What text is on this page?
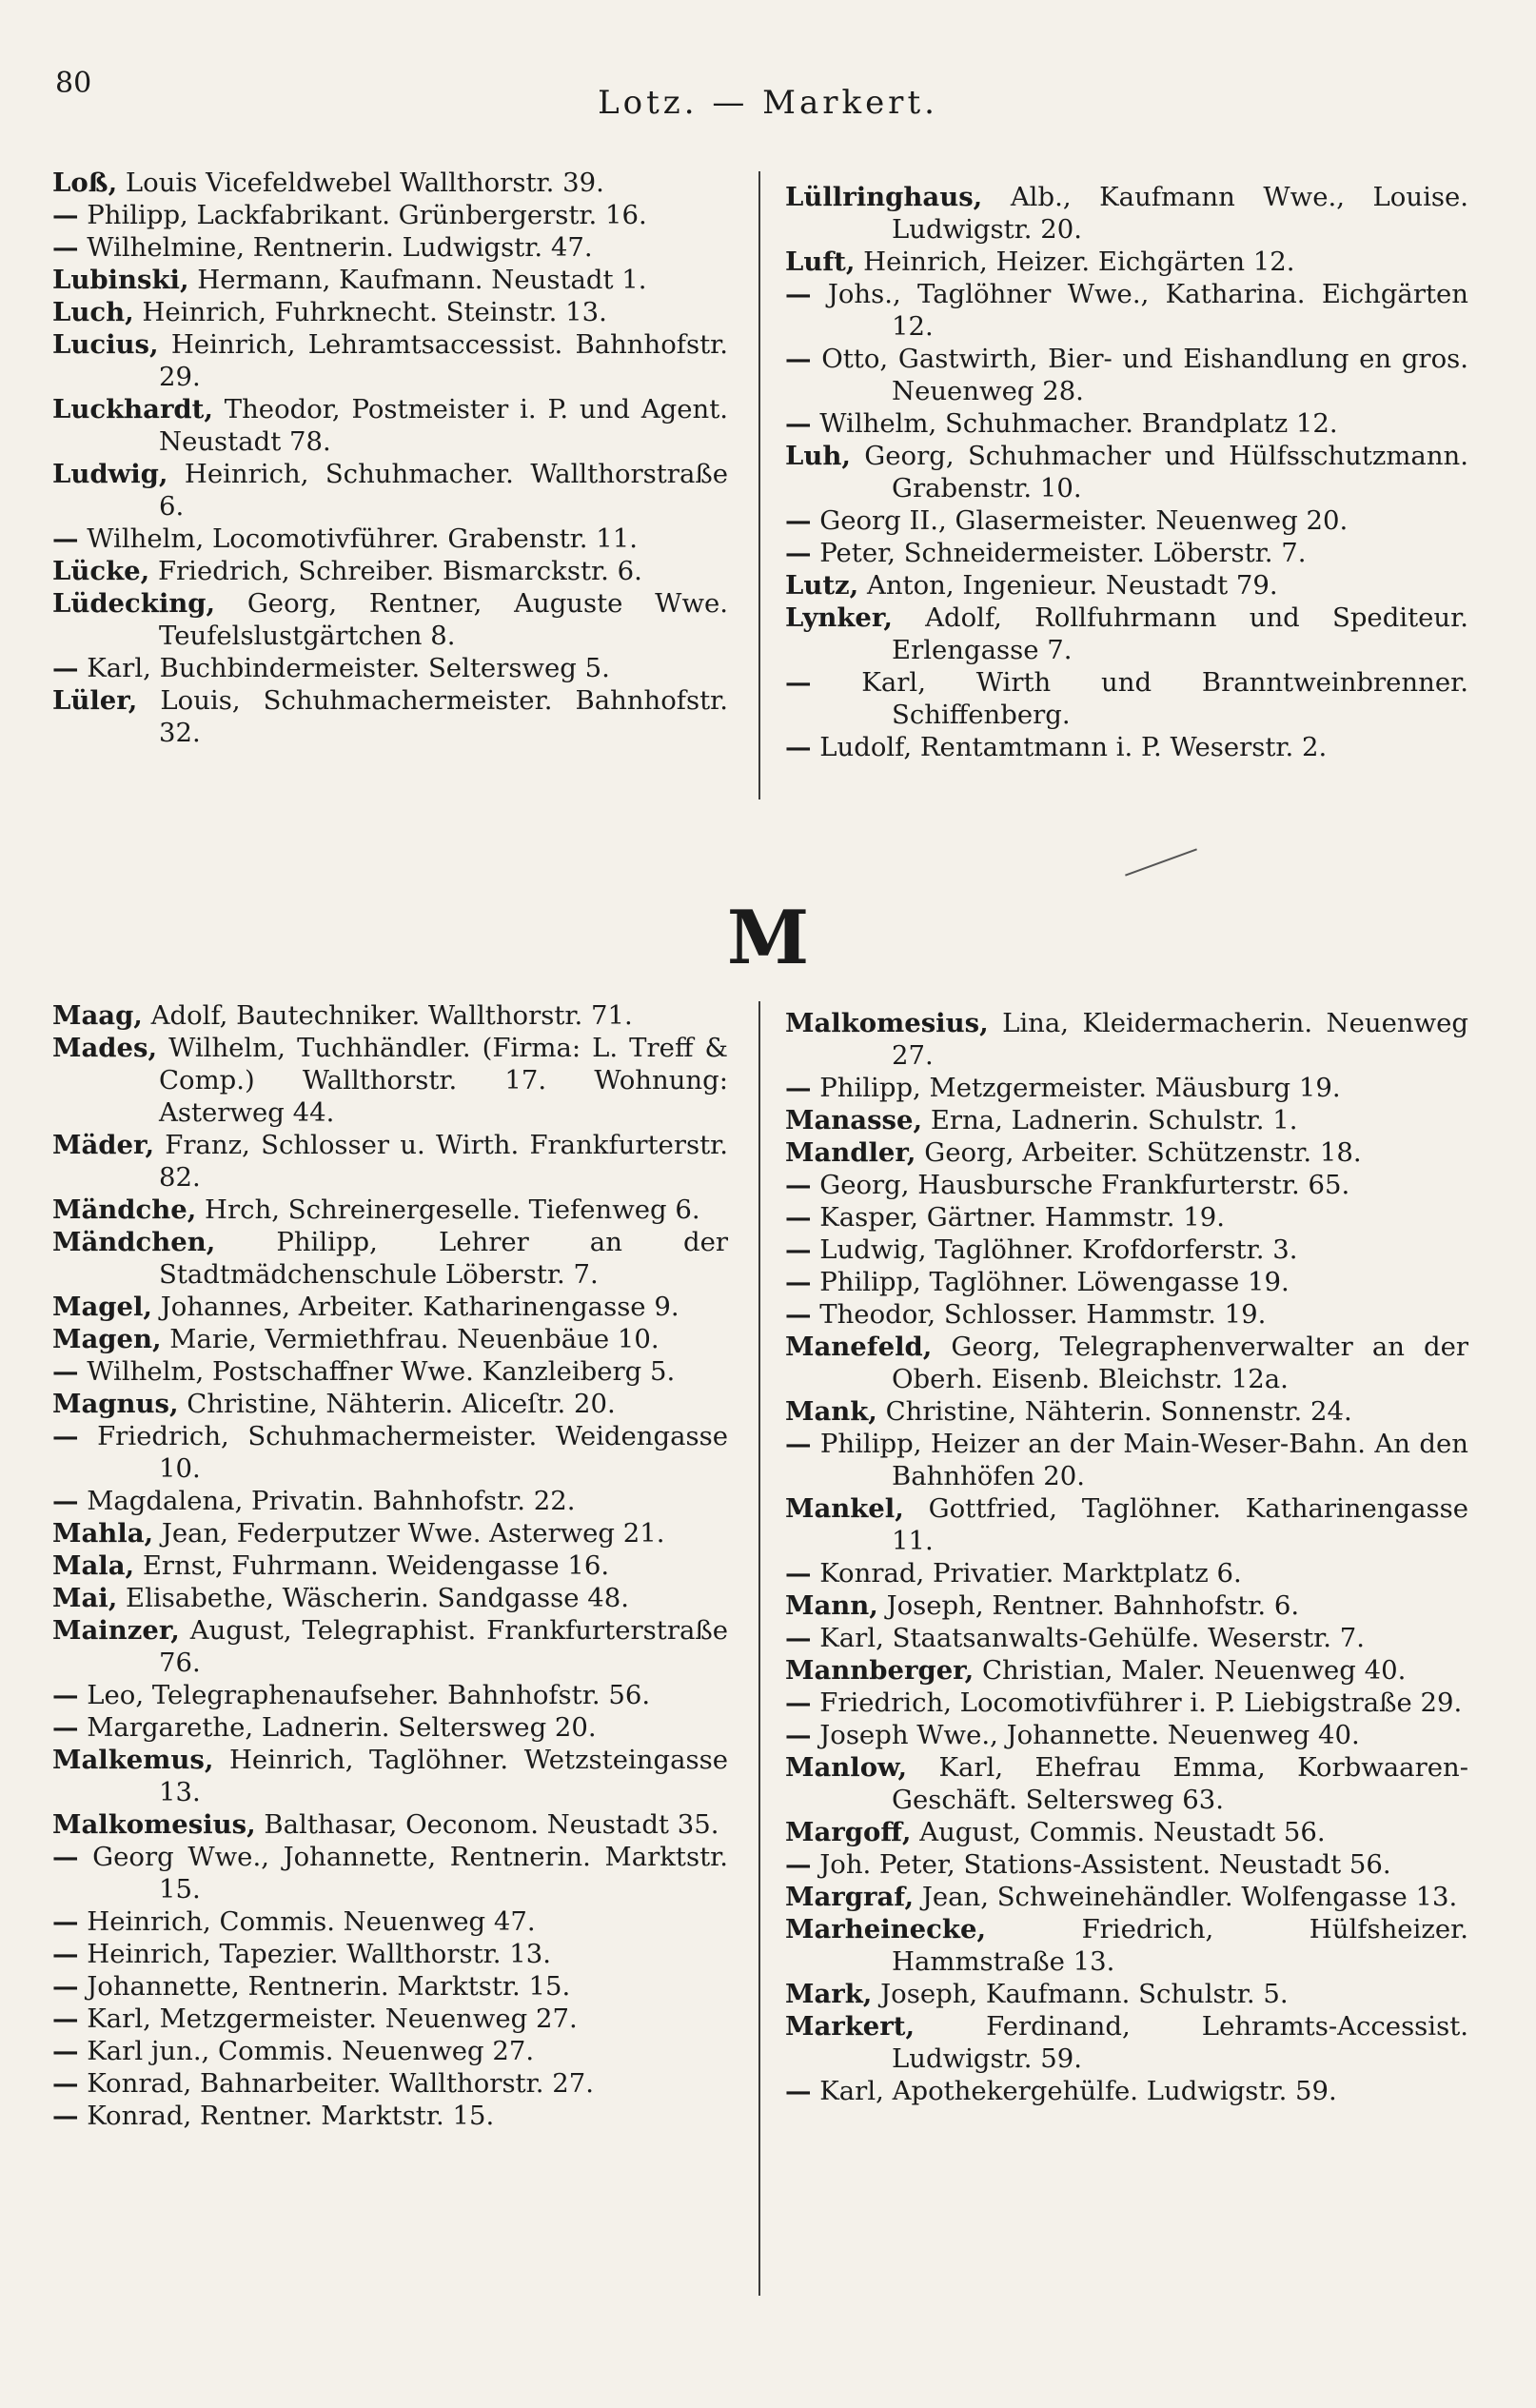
80
Lotz. — Markert.
Loß, Louis Vicefeldwebel Wallthorstr. 39.
— Philipp, Lackfabrikant. Grünbergerstr. 16.
— Wilhelmine, Rentnerin. Ludwigstr. 47.
Lubinski, Hermann, Kaufmann. Neustadt 1.
Luch, Heinrich, Fuhrknecht. Steinstr. 13.
Lucius, Heinrich, Lehramtsaccessist. Bahnhofstr. 29.
Luckhardt, Theodor, Postmeister i. P. und Agent. Neustadt 78.
Ludwig, Heinrich, Schuhmacher. Wallthorstraße 6.
— Wilhelm, Locomotivführer. Grabenstr. 11.
Lücke, Friedrich, Schreiber. Bismarckstr. 6.
Lüdecking, Georg, Rentner, Auguste Wwe. Teufelslustgärtchen 8.
— Karl, Buchbindermeister. Seltersweg 5.
Lüler, Louis, Schuhmachermeister. Bahnhofstr. 32.
Lüllringhaus, Alb., Kaufmann Wwe., Louise. Ludwigstr. 20.
Luft, Heinrich, Heizer. Eichgärten 12.
— Johs., Taglöhner Wwe., Katharina. Eichgärten 12.
— Otto, Gastwirth, Bier- und Eishandlung en gros. Neuenweg 28.
— Wilhelm, Schuhmacher. Brandplatz 12.
Luh, Georg, Schuhmacher und Hülfsschutzmann. Grabenstr. 10.
— Georg II., Glasermeister. Neuenweg 20.
— Peter, Schneidermeister. Löberstr. 7.
Lutz, Anton, Ingenieur. Neustadt 79.
Lynker, Adolf, Rollfuhrmann und Spediteur. Erlengasse 7.
— Karl, Wirth und Branntweinbrenner. Schiffenberg.
— Ludolf, Rentamtmann i. P. Weserstr. 2.
M
Maag, Adolf, Bautechniker. Wallthorstr. 71.
Mades, Wilhelm, Tuchhändler. (Firma: L. Treff & Comp.) Wallthorstr. 17. Wohnung: Asterweg 44.
Mäder, Franz, Schlosser u. Wirth. Frankfurterstr. 82.
Mändche, Hrch, Schreinergeselle. Tiefenweg 6.
Mändchen, Philipp, Lehrer an der Stadtmädchenschule Löberstr. 7.
Magel, Johannes, Arbeiter. Katharinengasse 9.
Magen, Marie, Vermiethfrau. Neuenbäue 10.
— Wilhelm, Postschaffner Wwe. Kanzleiberg 5.
Magnus, Christine, Nähterin. Aliceſtr. 20.
— Friedrich, Schuhmachermeister. Weidengasse 10.
— Magdalena, Privatin. Bahnhofstr. 22.
Mahla, Jean, Federputzer Wwe. Asterweg 21.
Mala, Ernst, Fuhrmann. Weidengasse 16.
Mai, Elisabethe, Wäscherin. Sandgasse 48.
Mainzer, August, Telegraphist. Frankfurterstraße 76.
— Leo, Telegraphenaufseher. Bahnhofstr. 56.
— Margarethe, Ladnerin. Seltersweg 20.
Malkemus, Heinrich, Taglöhner. Wetzsteingasse 13.
Malkomesius, Balthasar, Oeconom. Neustadt 35.
— Georg Wwe., Johannette, Rentnerin. Marktstr. 15.
— Heinrich, Commis. Neuenweg 47.
— Heinrich, Tapezier. Wallthorstr. 13.
— Johannette, Rentnerin. Marktstr. 15.
— Karl, Metzgermeister. Neuenweg 27.
— Karl jun., Commis. Neuenweg 27.
— Konrad, Bahnarbeiter. Wallthorstr. 27.
— Konrad, Rentner. Marktstr. 15.
Malkomesius, Lina, Kleidermacherin. Neuenweg 27.
— Philipp, Metzgermeister. Mäusburg 19.
Manasse, Erna, Ladnerin. Schulstr. 1.
Mandler, Georg, Arbeiter. Schützenstr. 18.
— Georg, Hausbursche Frankfurterstr. 65.
— Kasper, Gärtner. Hammstr. 19.
— Ludwig, Taglöhner. Krofdorferstr. 3.
— Philipp, Taglöhner. Löwengasse 19.
— Theodor, Schlosser. Hammstr. 19.
Manefeld, Georg, Telegraphenverwalter an der Oberh. Eisenb. Bleichstr. 12a.
Mank, Christine, Nähterin. Sonnenstr. 24.
— Philipp, Heizer an der Main-Weser-Bahn. An den Bahnhöfen 20.
Mankel, Gottfried, Taglöhner. Katharinengasse 11.
— Konrad, Privatier. Marktplatz 6.
Mann, Joseph, Rentner. Bahnhofstr. 6.
— Karl, Staatsanwalts-Gehülfe. Weserstr. 7.
Mannberger, Christian, Maler. Neuenweg 40.
— Friedrich, Locomotivführer i. P. Liebigstraße 29.
— Joseph Wwe., Johannette. Neuenweg 40.
Manlow, Karl, Ehefrau Emma, Korbwaaren-Geschäft. Seltersweg 63.
Margoff, August, Commis. Neustadt 56.
— Joh. Peter, Stations-Assistent. Neustadt 56.
Margraf, Jean, Schweinehändler. Wolfengasse 13.
Marheinecke, Friedrich, Hülfsheizer. Hammstraße 13.
Mark, Joseph, Kaufmann. Schulstr. 5.
Markert, Ferdinand, Lehramts-Accessist. Ludwigstr. 59.
— Karl, Apothekergehülfe. Ludwigstr. 59.
